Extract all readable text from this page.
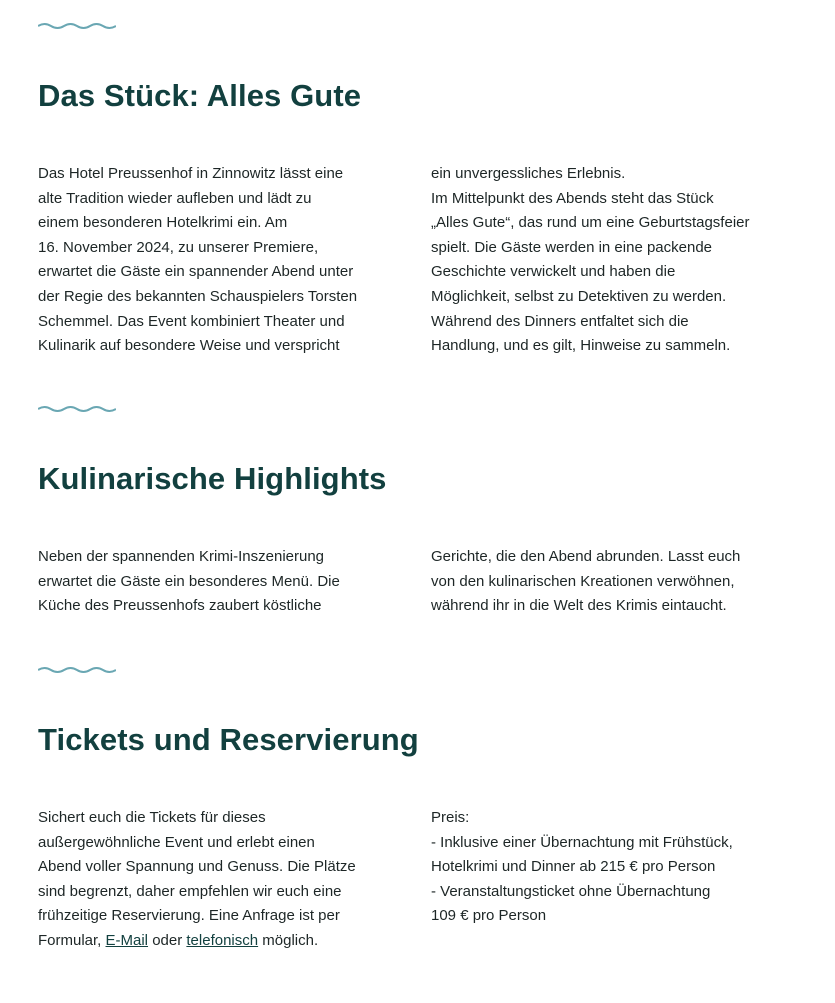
Das Stück: Alles Gute
Das Hotel Preussenhof in Zinnowitz lässt eine
alte Tradition wieder aufleben und lädt zu
einem besonderen Hotelkrimi ein. Am
16. November 2024, zu unserer Premiere,
erwartet die Gäste ein spannender Abend unter
der Regie des bekannten Schauspielers Torsten
Schemmel. Das Event kombiniert Theater und
Kulinarik auf besondere Weise und verspricht
ein unvergessliches Erlebnis.
Im Mittelpunkt des Abends steht das Stück
„Alles Gute“, das rund um eine Geburtstagsfeier
spielt. Die Gäste werden in eine packende
Geschichte verwickelt und haben die
Möglichkeit, selbst zu Detektiven zu werden.
Während des Dinners entfaltet sich die
Handlung, und es gilt, Hinweise zu sammeln.
Kulinarische Highlights
Neben der spannenden Krimi-Inszenierung
erwartet die Gäste ein besonderes Menü. Die
Küche des Preussenhofs zaubert köstliche
Gerichte, die den Abend abrunden. Lasst euch
von den kulinarischen Kreationen verwöhnen,
während ihr in die Welt des Krimis eintaucht.
Tickets und Reservierung
Sichert euch die Tickets für dieses
außergewöhnliche Event und erlebt einen
Abend voller Spannung und Genuss. Die Plätze
sind begrenzt, daher empfehlen wir euch eine
frühzeitige Reservierung. Eine Anfrage ist per
Formular, E-Mail oder telefonisch möglich.
Preis:
- Inklusive einer Übernachtung mit Frühstück,
Hotelkrimi und Dinner ab 215 € pro Person
- Veranstaltungsticket ohne Übernachtung
109 € pro Person
